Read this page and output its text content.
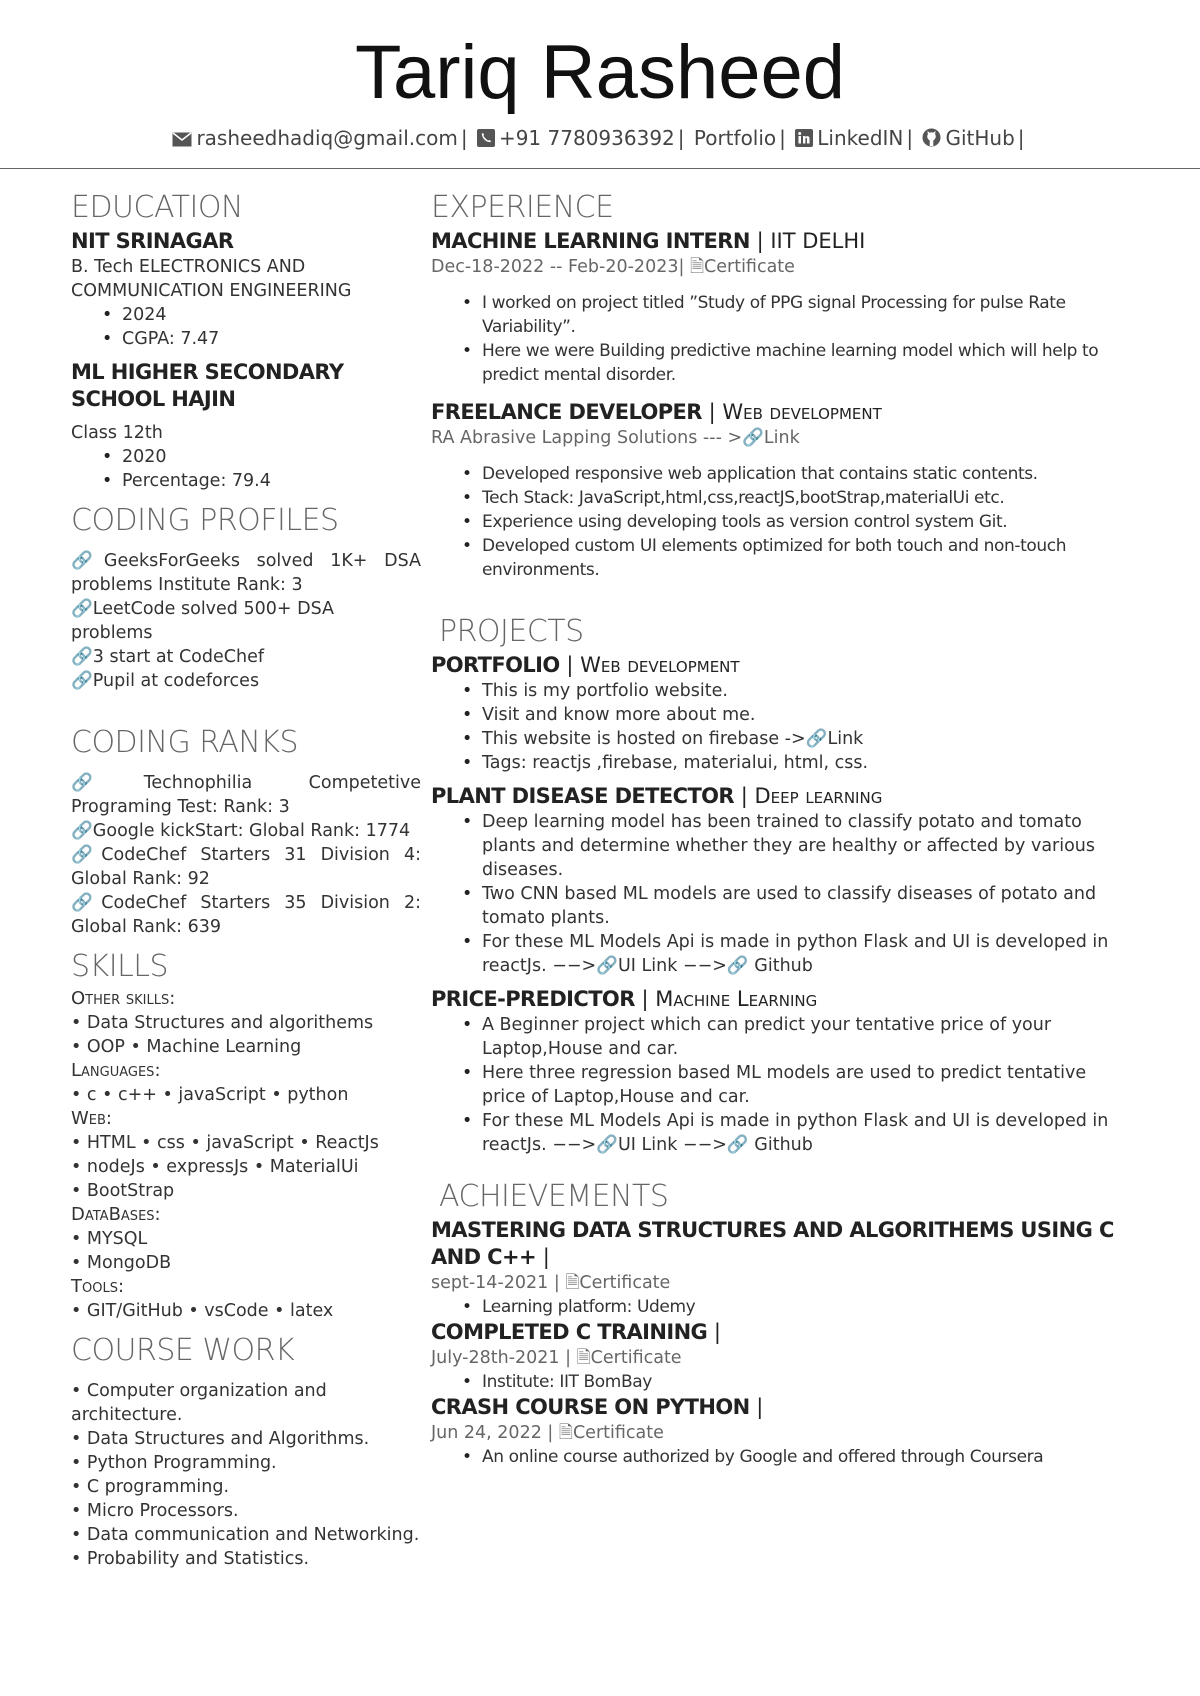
Tariq Rasheed
rasheedhadiq@gmail.com | +91 7780936392 | Portfolio | LinkedIN | GitHub |
EDUCATION
NIT SRINAGAR
B. Tech ELECTRONICS AND COMMUNICATION ENGINEERING
• 2024
• CGPA: 7.47
ML HIGHER SECONDARY SCHOOL HAJIN
Class 12th
• 2020
• Percentage: 79.4
CODING PROFILES
🔗GeeksForGeeks solved 1K+ DSA problems Institute Rank: 3
🔗LeetCode solved 500+ DSA problems
🔗3 start at CodeChef
🔗Pupil at codeforces
CODING RANKS
🔗Technophilia Competetive Programing Test: Rank: 3
🔗Google kickStart: Global Rank: 1774
🔗CodeChef Starters 31 Division 4: Global Rank: 92
🔗CodeChef Starters 35 Division 2: Global Rank: 639
SKILLS
Other skills:
• Data Structures and algorithems
• OOP • Machine Learning
Languages:
• c • c++ • javaScript • python
Web:
• HTML • css • javaScript • ReactJs
• nodeJs • expressJs • MaterialUi
• BootStrap
DataBases:
• MYSQL
• MongoDB
Tools:
• GIT/GitHub • vsCode • latex
COURSE WORK
• Computer organization and architecture.
• Data Structures and Algorithms.
• Python Programming.
• C programming.
• Micro Processors.
• Data communication and Networking.
• Probability and Statistics.
EXPERIENCE
MACHINE LEARNING INTERN | IIT DELHI
Dec-18-2022 -- Feb-20-2023| 🗎Certificate
• I worked on project titled ”Study of PPG signal Processing for pulse Rate Variability”.
• Here we were Building predictive machine learning model which will help to predict mental disorder.
FREELANCE DEVELOPER | Web development
RA Abrasive Lapping Solutions --- >🔗Link
• Developed responsive web application that contains static contents.
• Tech Stack: JavaScript,html,css,reactJS,bootStrap,materialUi etc.
• Experience using developing tools as version control system Git.
• Developed custom UI elements optimized for both touch and non-touch environments.
PROJECTS
PORTFOLIO | Web development
• This is my portfolio website.
• Visit and know more about me.
• This website is hosted on firebase ->🔗Link
• Tags: reactjs ,firebase, materialui, html, css.
PLANT DISEASE DETECTOR | Deep learning
• Deep learning model has been trained to classify potato and tomato plants and determine whether they are healthy or affected by various diseases.
• Two CNN based ML models are used to classify diseases of potato and tomato plants.
• For these ML Models Api is made in python Flask and UI is developed in reactJs. −−>🔗UI Link −−>🔗 Github
PRICE-PREDICTOR | Machine Learning
• A Beginner project which can predict your tentative price of your Laptop,House and car.
• Here three regression based ML models are used to predict tentative price of Laptop,House and car.
• For these ML Models Api is made in python Flask and UI is developed in reactJs. −−>🔗UI Link −−>🔗 Github
ACHIEVEMENTS
MASTERING DATA STRUCTURES AND ALGORITHEMS USING C AND C++ |
sept-14-2021 | 🗎Certificate
• Learning platform: Udemy
COMPLETED C TRAINING |
July-28th-2021 | 🗎Certificate
• Institute: IIT BomBay
CRASH COURSE ON PYTHON |
Jun 24, 2022 | 🗎Certificate
• An online course authorized by Google and offered through Coursera
